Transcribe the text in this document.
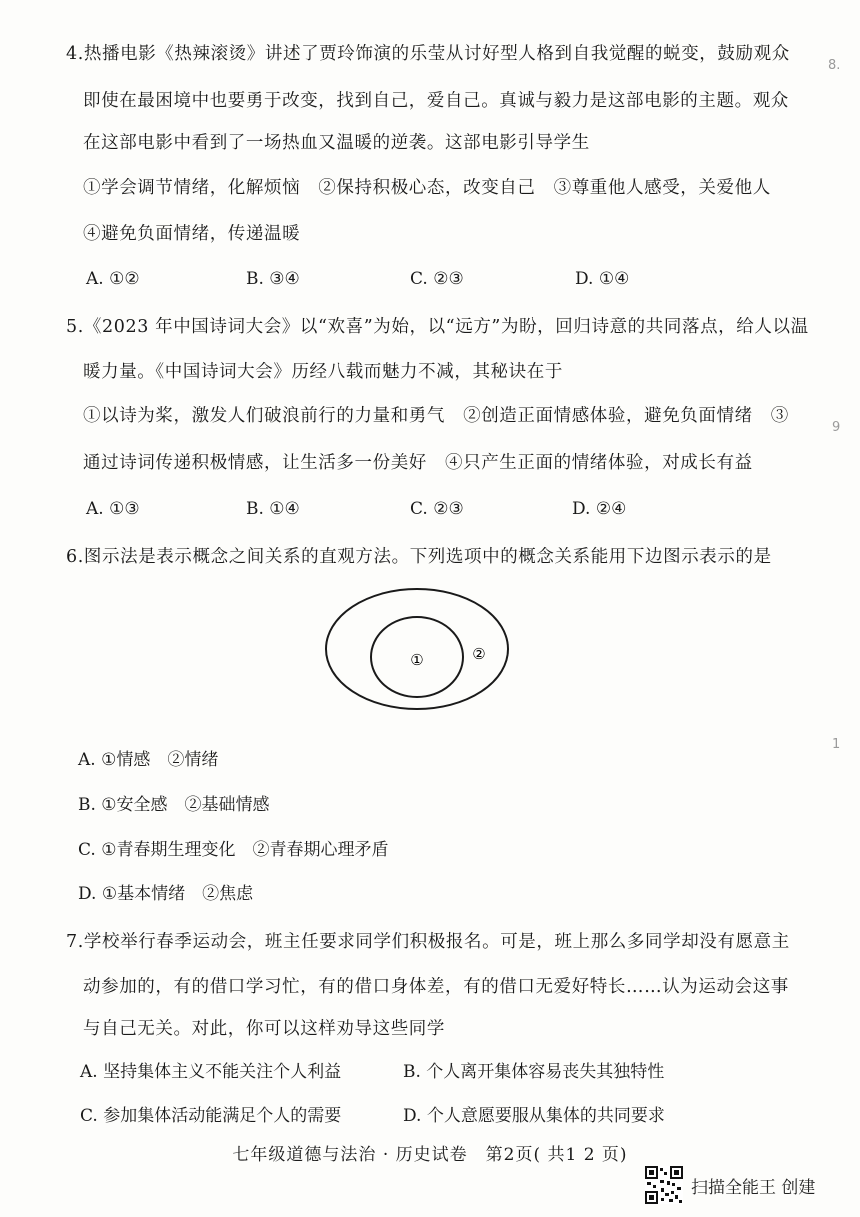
4.热播电影《热辣滚烫》讲述了贾玲饰演的乐莹从讨好型人格到自我觉醒的蜕变，鼓励观众
即使在最困境中也要勇于改变，找到自己，爱自己。真诚与毅力是这部电影的主题。观众
在这部电影中看到了一场热血又温暖的逆袭。这部电影引导学生
①学会调节情绪，化解烦恼　②保持积极心态，改变自己　③尊重他人感受，关爱他人
④避免负面情绪，传递温暖
A. ①②	B. ③④	C. ②③	D. ①④
5.《2023 年中国诗词大会》以“欢喜”为始，以“远方”为盼，回归诗意的共同落点，给人以温
暖力量。《中国诗词大会》历经八载而魅力不减，其秘诀在于
①以诗为桨，激发人们破浪前行的力量和勇气　②创造正面情感体验，避免负面情绪　③
通过诗词传递积极情感，让生活多一份美好　④只产生正面的情绪体验，对成长有益
A. ①③	B. ①④	C. ②③	D. ②④
6.图示法是表示概念之间关系的直观方法。下列选项中的概念关系能用下边图示表示的是
①	②
A. ①情感　②情绪
B. ①安全感　②基础情感
C. ①青春期生理变化　②青春期心理矛盾
D. ①基本情绪　②焦虑
7.学校举行春季运动会，班主任要求同学们积极报名。可是，班上那么多同学却没有愿意主
动参加的，有的借口学习忙，有的借口身体差，有的借口无爱好特长……认为运动会这事
与自己无关。对此，你可以这样劝导这些同学
A. 坚持集体主义不能关注个人利益	B. 个人离开集体容易丧失其独特性
C. 参加集体活动能满足个人的需要	D. 个人意愿要服从集体的共同要求
七年级道德与法治 · 历史试卷　第2页( 共1 2 页)
扫描全能王 创建
8.
9
1
